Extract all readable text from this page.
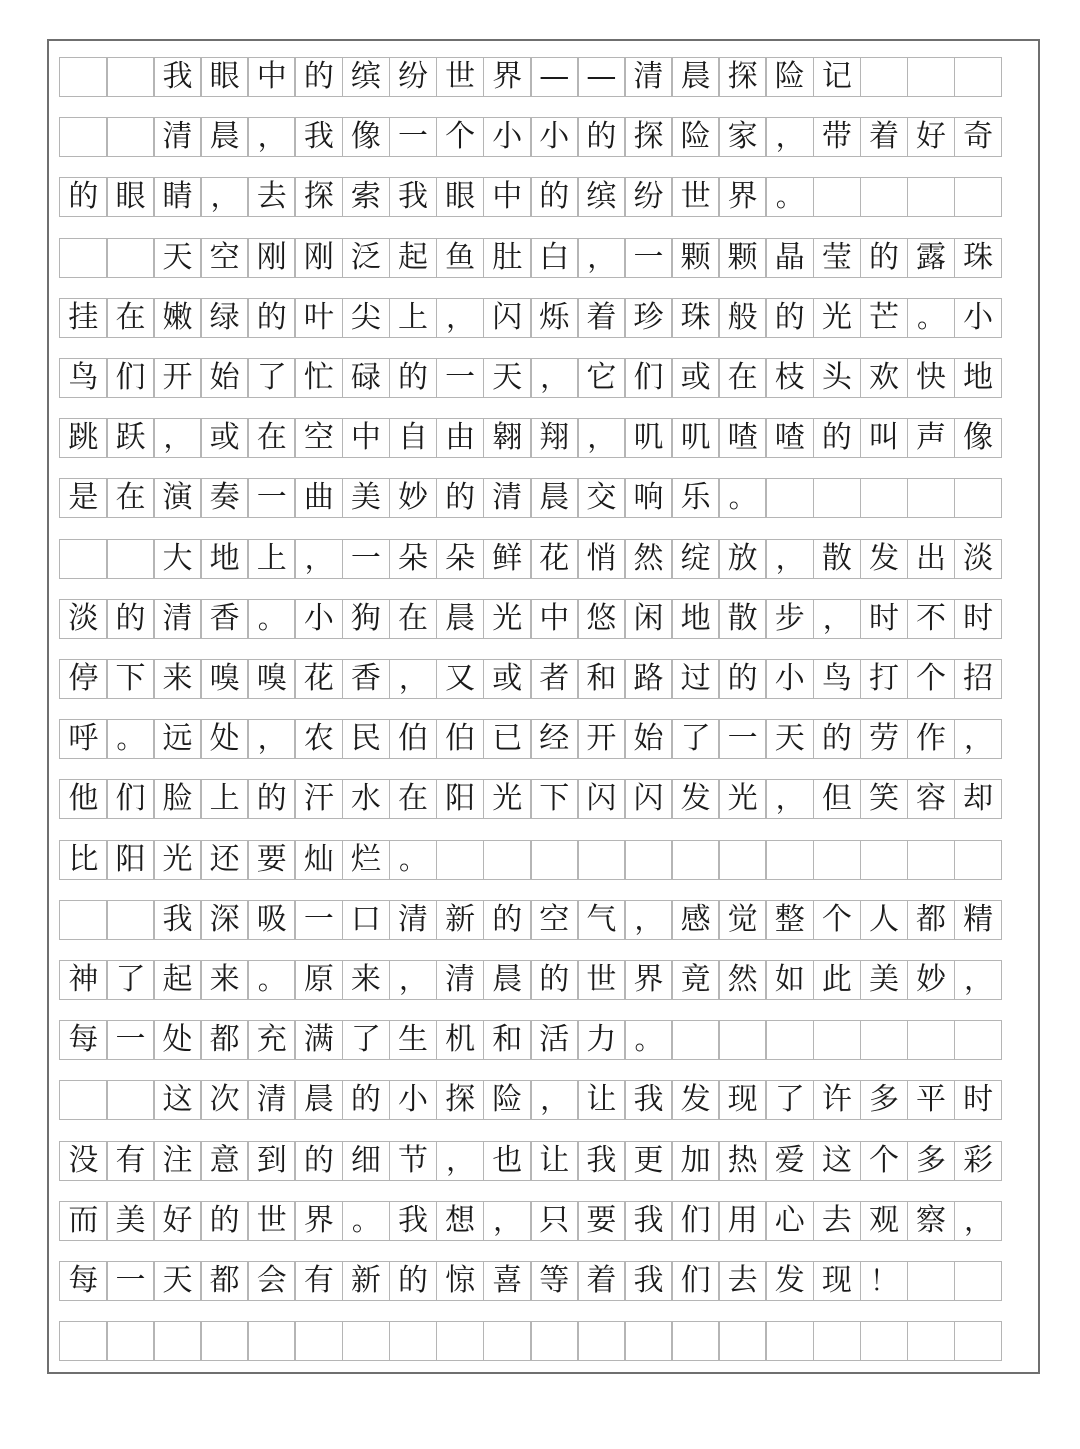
我 眼 中 的 缤 纷 世 界 — — 清 晨 探 险 记
清 晨 ， 我 像 一 个 小 小 的 探 险 家 ， 带 着 好 奇
的 眼 睛 ， 去 探 索 我 眼 中 的 缤 纷 世 界 。
天 空 刚 刚 泛 起 鱼 肚 白 ， 一 颗 颗 晶 莹 的 露 珠
挂 在 嫩 绿 的 叶 尖 上 ， 闪 烁 着 珍 珠 般 的 光 芒 。 小
鸟 们 开 始 了 忙 碌 的 一 天 ， 它 们 或 在 枝 头 欢 快 地
跳 跃 ， 或 在 空 中 自 由 翱 翔 ， 叽 叽 喳 喳 的 叫 声 像
是 在 演 奏 一 曲 美 妙 的 清 晨 交 响 乐 。
大 地 上 ， 一 朵 朵 鲜 花 悄 然 绽 放 ， 散 发 出 淡
淡 的 清 香 。 小 狗 在 晨 光 中 悠 闲 地 散 步 ， 时 不 时
停 下 来 嗅 嗅 花 香 ， 又 或 者 和 路 过 的 小 鸟 打 个 招
呼 。 远 处 ， 农 民 伯 伯 已 经 开 始 了 一 天 的 劳 作 ，
他 们 脸 上 的 汗 水 在 阳 光 下 闪 闪 发 光 ， 但 笑 容 却
比 阳 光 还 要 灿 烂 。
我 深 吸 一 口 清 新 的 空 气 ， 感 觉 整 个 人 都 精
神 了 起 来 。 原 来 ， 清 晨 的 世 界 竟 然 如 此 美 妙 ，
每 一 处 都 充 满 了 生 机 和 活 力 。
这 次 清 晨 的 小 探 险 ， 让 我 发 现 了 许 多 平 时
没 有 注 意 到 的 细 节 ， 也 让 我 更 加 热 爱 这 个 多 彩
而 美 好 的 世 界 。 我 想 ， 只 要 我 们 用 心 去 观 察 ，
每 一 天 都 会 有 新 的 惊 喜 等 着 我 们 去 发 现 ！
